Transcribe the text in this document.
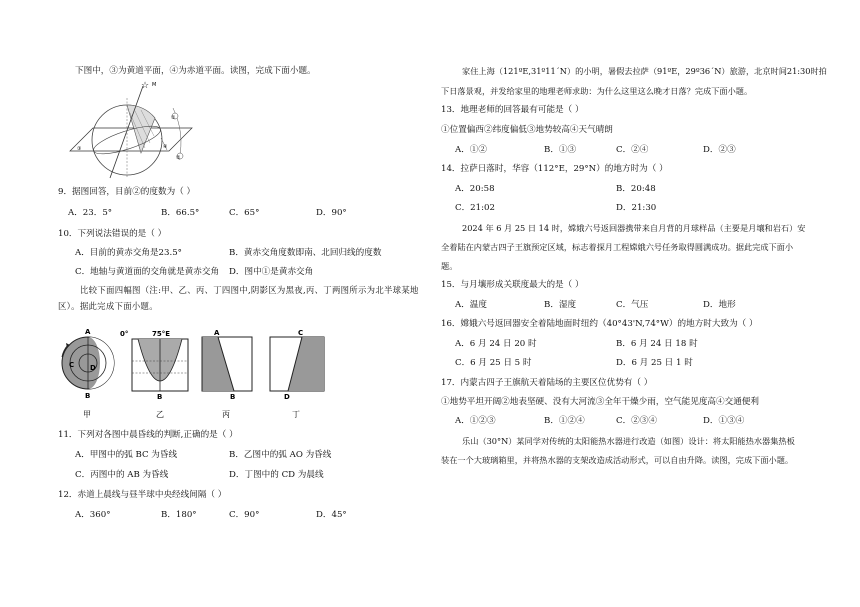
下图中，③为黄道平面，④为赤道平面。读图，完成下面小题。
☆ M
①
②
③	④
9．据图回答，目前②的度数为（ ）
A．23．5°	B．66.5°	C．65°	D．90°
10．下列说法错误的是（ ）
A．目前的黄赤交角是23.5°	B．黄赤交角度数即南、北回归线的度数
C．地轴与黄道面的交角就是黄赤交角 D．图中①是黄赤交角
比较下面四幅图（注:甲、乙、丙、丁四图中,阴影区为黑夜,丙、丁两图所示为北半球某地区）。据此完成下面小题。
A
B
C D
甲
0°	75°E
B
乙
A
B
丙
C
D
丁
11．下列对各图中晨昏线的判断,正确的是（ ）
A．甲图中的弧 BC 为昏线	B．乙图中的弧 AO 为昏线
C．丙图中的 AB 为昏线	D．丁图中的 CD 为晨线
12．赤道上晨线与昼半球中央经线间隔（ ）
A．360°	B．180°	C．90°	D．45°
家住上海（121ºE,31º11´N）的小明，暑假去拉萨（91ºE，29º36´N）旅游，北京时间21:30时拍
下日落景观，并发给家里的地理老师求助：为什么这里这么晚才日落？完成下面小题。
13．地理老师的回答最有可能是（ ）
①位置偏西②纬度偏低③地势较高④天气晴朗
A．①②	B．①③	C．②④	D．②③
14．拉萨日落时，华容（112°E，29°N）的地方时为（ ）
A．20:58	B．20:48
C．21:02	D．21:30
2024 年 6 月 25 日 14 时，嫦娥六号返回器携带来自月背的月球样品（主要是月壤和岩石）安
全着陆在内蒙古四子王旗预定区域，标志着探月工程嫦娥六号任务取得圆满成功。据此完成下面小
题。
15．与月壤形成关联度最大的是（ ）
A．温度	B．湿度	C．气压	D．地形
16．嫦娥六号返回器安全着陆地面时纽约（40°43'N,74°W）的地方时大致为（ ）
A．6 月 24 日 20 时	B．6 月 24 日 18 时
C．6 月 25 日 5 时	D．6 月 25 日 1 时
17．内蒙古四子王旗航天着陆场的主要区位优势有（ ）
①地势平坦开阔②地表坚硬、没有大河流③全年干燥少雨，空气能见度高④交通便利
A．①②③	B．①②④	C．②③④	D．①③④
乐山（30°N）某同学对传统的太阳能热水器进行改造（如图）设计：将太阳能热水器集热板
装在一个大玻璃箱里，并将热水器的支架改造成活动形式，可以自由升降。读图，完成下面小题。
